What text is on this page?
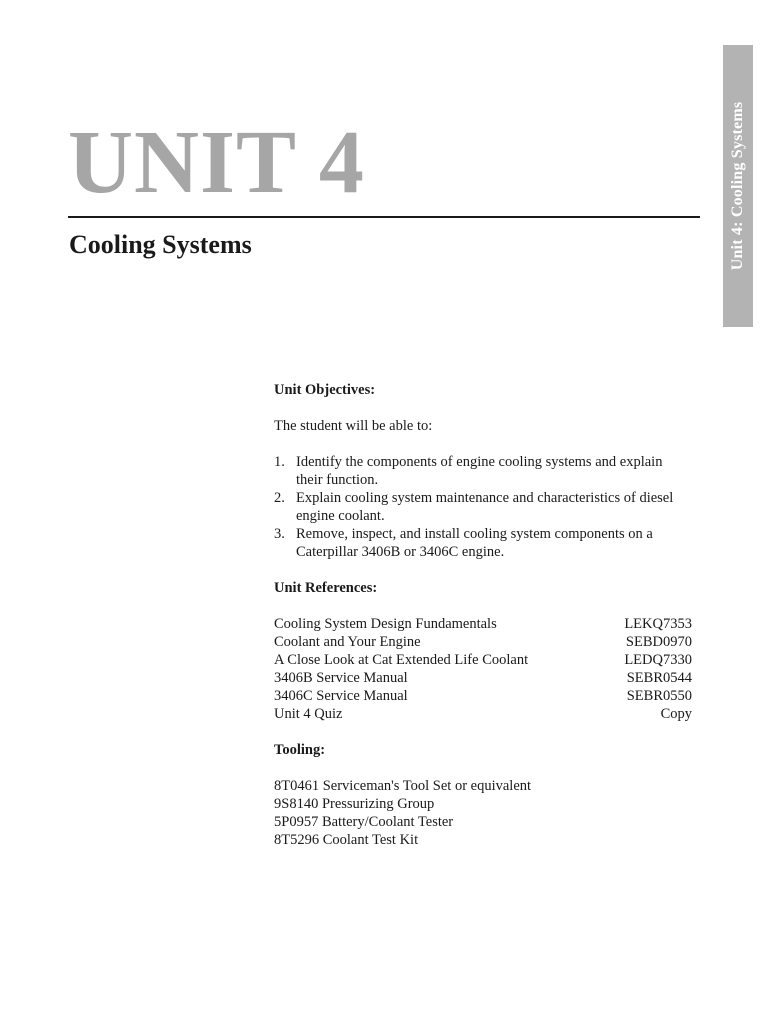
Unit 4: Cooling Systems
UNIT 4
Cooling Systems

Unit Objectives:

The student will be able to:

1. Identify the components of engine cooling systems and explain their function.
2. Explain cooling system maintenance and characteristics of diesel engine coolant.
3. Remove, inspect, and install cooling system components on a Caterpillar 3406B or 3406C engine.

Unit References:

Cooling System Design Fundamentals	LEKQ7353
Coolant and Your Engine	SEBD0970
A Close Look at Cat Extended Life Coolant	LEDQ7330
3406B Service Manual	SEBR0544
3406C Service Manual	SEBR0550
Unit 4 Quiz	Copy

Tooling:

8T0461 Serviceman's Tool Set or equivalent
9S8140 Pressurizing Group
5P0957 Battery/Coolant Tester
8T5296 Coolant Test Kit
